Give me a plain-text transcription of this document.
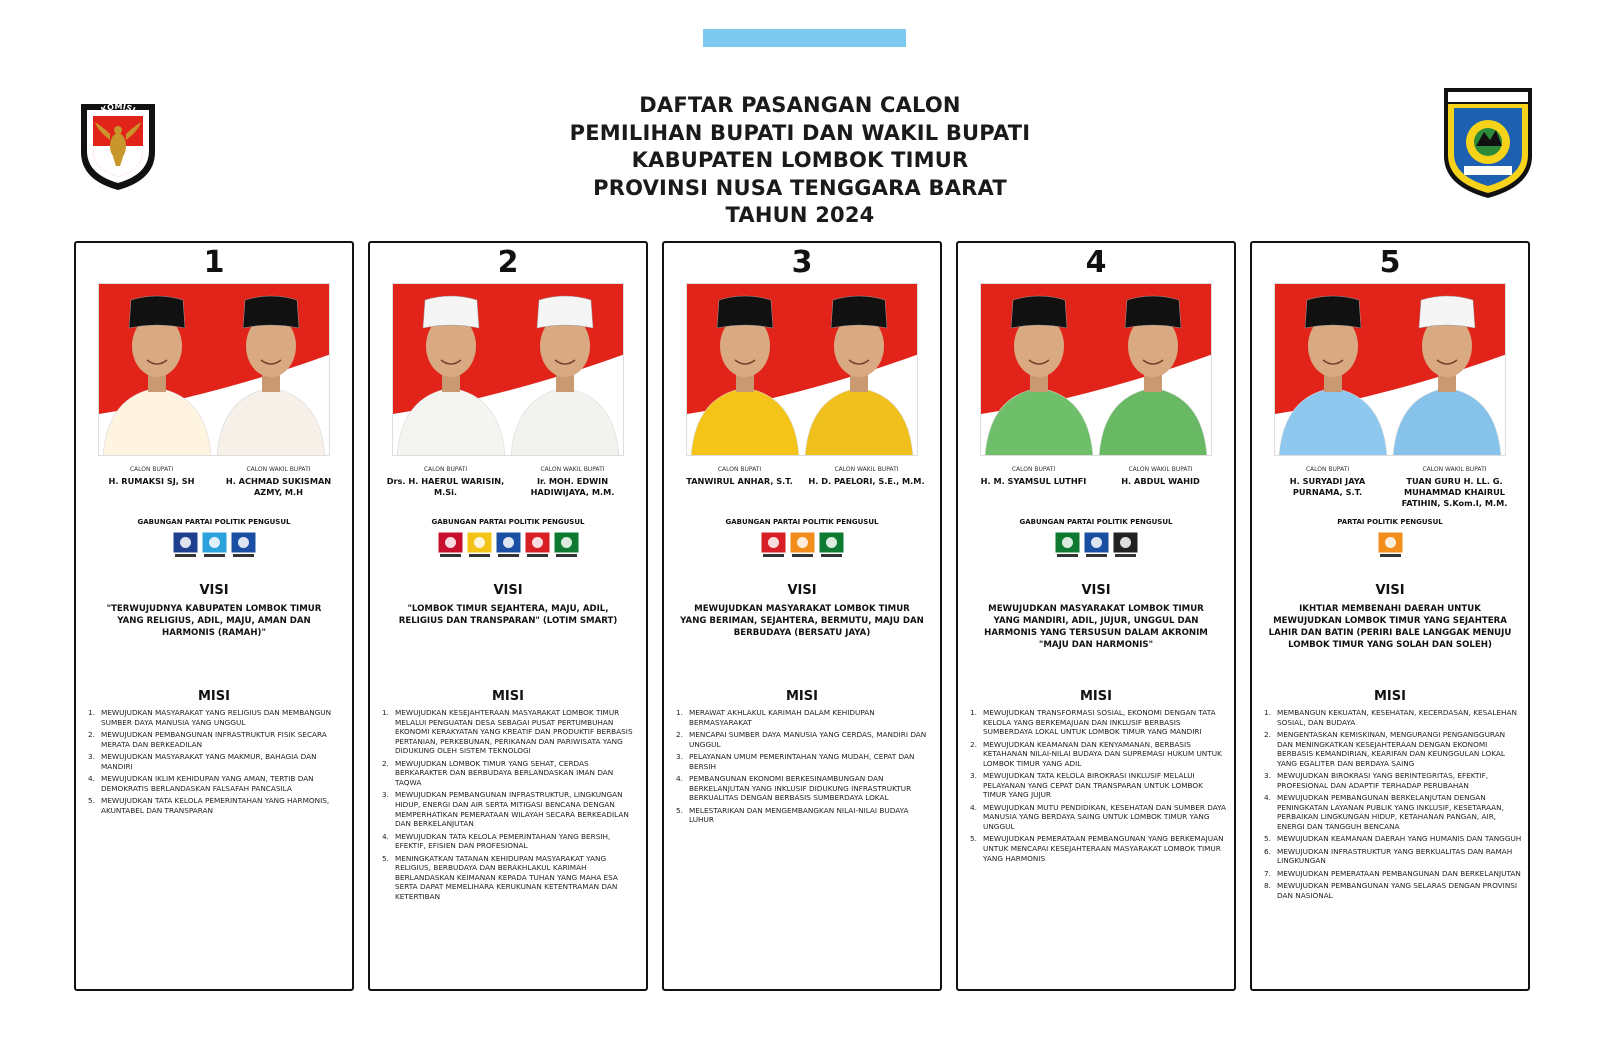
KOMISI	DAFTAR PASANGAN CALON
PEMILIHAN BUPATI DAN WAKIL BUPATI
KABUPATEN LOMBOK TIMUR
PROVINSI NUSA TENGGARA BARAT
TAHUN 2024
1
CALON BUPATI
H. RUMAKSI SJ, SH
CALON WAKIL BUPATI
H. ACHMAD SUKISMAN AZMY, M.H
GABUNGAN PARTAI POLITIK PENGUSUL
VISI
"TERWUJUDNYA KABUPATEN LOMBOK TIMUR YANG RELIGIUS, ADIL, MAJU, AMAN DAN HARMONIS (RAMAH)"
MISI
1. MEWUJUDKAN MASYARAKAT YANG RELIGIUS DAN MEMBANGUN SUMBER DAYA MANUSIA YANG UNGGUL
2. MEWUJUDKAN PEMBANGUNAN INFRASTRUKTUR FISIK SECARA MERATA DAN BERKEADILAN
3. MEWUJUDKAN MASYARAKAT YANG MAKMUR, BAHAGIA DAN MANDIRI
4. MEWUJUDKAN IKLIM KEHIDUPAN YANG AMAN, TERTIB DAN DEMOKRATIS BERLANDASKAN FALSAFAH PANCASILA
5. MEWUJUDKAN TATA KELOLA PEMERINTAHAN YANG HARMONIS, AKUNTABEL DAN TRANSPARAN
2
CALON BUPATI
Drs. H. HAERUL WARISIN, M.Si.
CALON WAKIL BUPATI
Ir. MOH. EDWIN HADIWIJAYA, M.M.
GABUNGAN PARTAI POLITIK PENGUSUL
VISI
"LOMBOK TIMUR SEJAHTERA, MAJU, ADIL, RELIGIUS DAN TRANSPARAN" (LOTIM SMART)
MISI
1. MEWUJUDKAN KESEJAHTERAAN MASYARAKAT LOMBOK TIMUR MELALUI PENGUATAN DESA SEBAGAI PUSAT PERTUMBUHAN EKONOMI KERAKYATAN YANG KREATIF DAN PRODUKTIF BERBASIS PERTANIAN, PERKEBUNAN, PERIKANAN DAN PARIWISATA YANG DIDUKUNG OLEH SISTEM TEKNOLOGI
2. MEWUJUDKAN LOMBOK TIMUR YANG SEHAT, CERDAS BERKARAKTER DAN BERBUDAYA BERLANDASKAN IMAN DAN TAQWA
3. MEWUJUDKAN PEMBANGUNAN INFRASTRUKTUR, LINGKUNGAN HIDUP, ENERGI DAN AIR SERTA MITIGASI BENCANA DENGAN MEMPERHATIKAN PEMERATAAN WILAYAH SECARA BERKEADILAN DAN BERKELANJUTAN
4. MEWUJUDKAN TATA KELOLA PEMERINTAHAN YANG BERSIH, EFEKTIF, EFISIEN DAN PROFESIONAL
5. MENINGKATKAN TATANAN KEHIDUPAN MASYARAKAT YANG RELIGIUS, BERBUDAYA DAN BERAKHLAKUL KARIMAH BERLANDASKAN KEIMANAN KEPADA TUHAN YANG MAHA ESA SERTA DAPAT MEMELIHARA KERUKUNAN KETENTRAMAN DAN KETERTIBAN
3
CALON BUPATI
TANWIRUL ANHAR, S.T.
CALON WAKIL BUPATI
H. D. PAELORI, S.E., M.M.
GABUNGAN PARTAI POLITIK PENGUSUL
VISI
MEWUJUDKAN MASYARAKAT LOMBOK TIMUR YANG BERIMAN, SEJAHTERA, BERMUTU, MAJU DAN BERBUDAYA (BERSATU JAYA)
MISI
1. MERAWAT AKHLAKUL KARIMAH DALAM KEHIDUPAN BERMASYARAKAT
2. MENCAPAI SUMBER DAYA MANUSIA YANG CERDAS, MANDIRI DAN UNGGUL
3. PELAYANAN UMUM PEMERINTAHAN YANG MUDAH, CEPAT DAN BERSIH
4. PEMBANGUNAN EKONOMI BERKESINAMBUNGAN DAN BERKELANJUTAN YANG INKLUSIF DIDUKUNG INFRASTRUKTUR BERKUALITAS DENGAN BERBASIS SUMBERDAYA LOKAL
5. MELESTARIKAN DAN MENGEMBANGKAN NILAI-NILAI BUDAYA LUHUR
4
CALON BUPATI
H. M. SYAMSUL LUTHFI
CALON WAKIL BUPATI
H. ABDUL WAHID
GABUNGAN PARTAI POLITIK PENGUSUL
VISI
MEWUJUDKAN MASYARAKAT LOMBOK TIMUR YANG MANDIRI, ADIL, JUJUR, UNGGUL DAN HARMONIS YANG TERSUSUN DALAM AKRONIM "MAJU DAN HARMONIS"
MISI
1. MEWUJUDKAN TRANSFORMASI SOSIAL, EKONOMI DENGAN TATA KELOLA YANG BERKEMAJUAN DAN INKLUSIF BERBASIS SUMBERDAYA LOKAL UNTUK LOMBOK TIMUR YANG MANDIRI
2. MEWUJUDKAN KEAMANAN DAN KENYAMANAN, BERBASIS KETAHANAN NILAI-NILAI BUDAYA DAN SUPREMASI HUKUM UNTUK LOMBOK TIMUR YANG ADIL
3. MEWUJUDKAN TATA KELOLA BIROKRASI INKLUSIF MELALUI PELAYANAN YANG CEPAT DAN TRANSPARAN UNTUK LOMBOK TIMUR YANG JUJUR
4. MEWUJUDKAN MUTU PENDIDIKAN, KESEHATAN DAN SUMBER DAYA MANUSIA YANG BERDAYA SAING UNTUK LOMBOK TIMUR YANG UNGGUL
5. MEWUJUDKAN PEMERATAAN PEMBANGUNAN YANG BERKEMAJUAN UNTUK MENCAPAI KESEJAHTERAAN MASYARAKAT LOMBOK TIMUR YANG HARMONIS
5
CALON BUPATI
H. SURYADI JAYA PURNAMA, S.T.
CALON WAKIL BUPATI
TUAN GURU H. LL. G. MUHAMMAD KHAIRUL FATIHIN, S.Kom.I, M.M.
PARTAI POLITIK PENGUSUL
VISI
IKHTIAR MEMBENAHI DAERAH UNTUK MEWUJUDKAN LOMBOK TIMUR YANG SEJAHTERA LAHIR DAN BATIN (PERIRI BALE LANGGAK MENUJU LOMBOK TIMUR YANG SOLAH DAN SOLEH)
MISI
1. MEMBANGUN KEKUATAN, KESEHATAN, KECERDASAN, KESALEHAN SOSIAL, DAN BUDAYA
2. MENGENTASKAN KEMISKINAN, MENGURANGI PENGANGGURAN DAN MENINGKATKAN KESEJAHTERAAN DENGAN EKONOMI BERBASIS KEMANDIRIAN, KEARIFAN DAN KEUNGGULAN LOKAL YANG EGALITER DAN BERDAYA SAING
3. MEWUJUDKAN BIROKRASI YANG BERINTEGRITAS, EFEKTIF, PROFESIONAL DAN ADAPTIF TERHADAP PERUBAHAN
4. MEWUJUDKAN PEMBANGUNAN BERKELANJUTAN DENGAN PENINGKATAN LAYANAN PUBLIK YANG INKLUSIF, KESETARAAN, PERBAIKAN LINGKUNGAN HIDUP, KETAHANAN PANGAN, AIR, ENERGI DAN TANGGUH BENCANA
5. MEWUJUDKAN KEAMANAN DAERAH YANG HUMANIS DAN TANGGUH
6. MEWUJUDKAN INFRASTRUKTUR YANG BERKUALITAS DAN RAMAH LINGKUNGAN
7. MEWUJUDKAN PEMERATAAN PEMBANGUNAN DAN BERKELANJUTAN
8. MEWUJUDKAN PEMBANGUNAN YANG SELARAS DENGAN PROVINSI DAN NASIONAL
